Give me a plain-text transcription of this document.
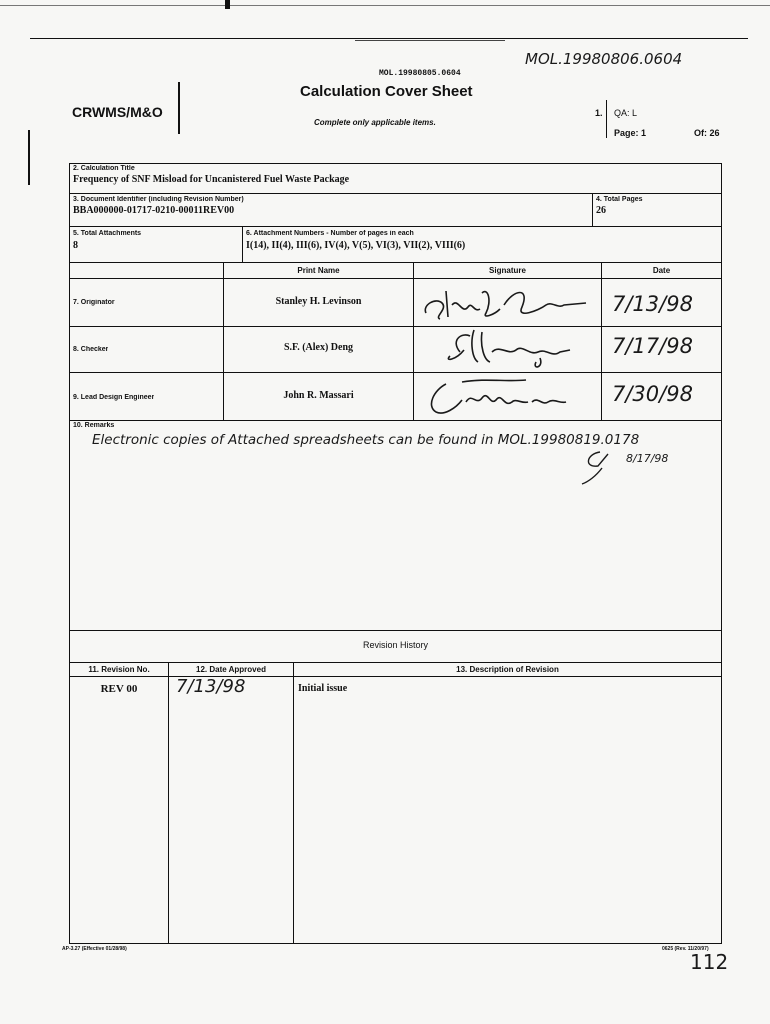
CRWMS/M&O
MOL.19980805.0604
MOL.19980806.0604
Calculation Cover Sheet
Complete only applicable items.
1. QA: L
Page: 1	Of: 26
2. Calculation Title
Frequency of SNF Misload for Uncanistered Fuel Waste Package
3. Document Identifier (including Revision Number)
BBA000000-01717-0210-00011REV00
4. Total Pages
26
5. Total Attachments
8
6. Attachment Numbers - Number of pages in each
I(14), II(4), III(6), IV(4), V(5), VI(3), VII(2), VIII(6)
Print Name	Signature	Date
7. Originator	Stanley H. Levinson	7/13/98
8. Checker	S.F. (Alex) Deng	7/17/98
9. Lead Design Engineer	John R. Massari	7/30/98
10. Remarks
Electronic copies of Attached spreadsheets can be found in MOL.19980819.0178
8/17/98
Revision History
11. Revision No.	12. Date Approved	13. Description of Revision
REV 00	7/13/98	Initial issue
AP-3.27 (Effective 01/28/98)	0625 (Rev. 11/20/97)
112
